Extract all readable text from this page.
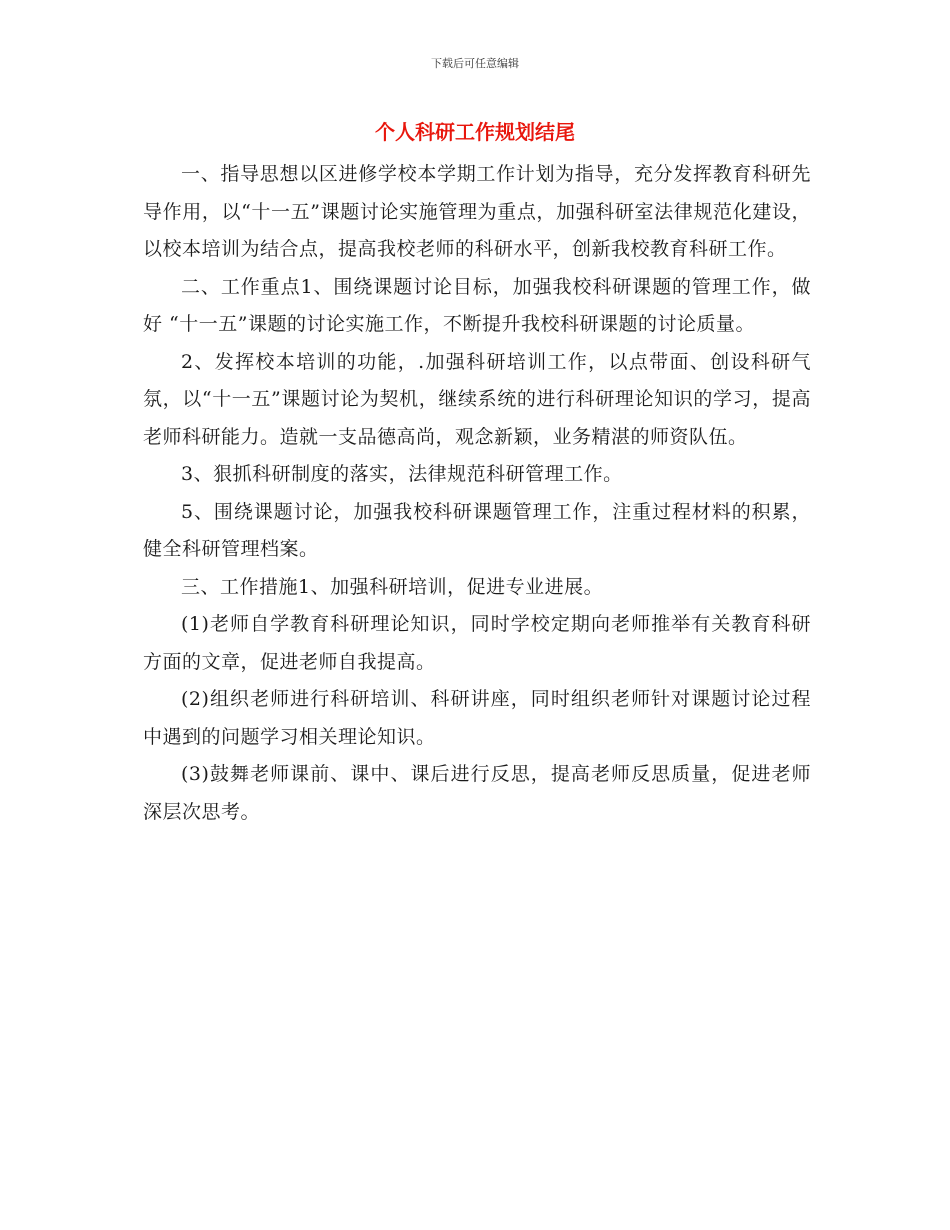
下载后可任意编辑
个人科研工作规划结尾

一、指导思想以区进修学校本学期工作计划为指导，充分发挥教育科研先导作用，以“十一五”课题讨论实施管理为重点，加强科研室法律规范化建设，以校本培训为结合点，提高我校老师的科研水平，创新我校教育科研工作。

二、工作重点1、围绕课题讨论目标，加强我校科研课题的管理工作，做好 “十一五”课题的讨论实施工作，不断提升我校科研课题的讨论质量。

2、发挥校本培训的功能，.加强科研培训工作，以点带面、创设科研气氛，以“十一五”课题讨论为契机，继续系统的进行科研理论知识的学习，提高老师科研能力。造就一支品德高尚，观念新颖，业务精湛的师资队伍。

3、狠抓科研制度的落实，法律规范科研管理工作。

5、围绕课题讨论，加强我校科研课题管理工作，注重过程材料的积累，健全科研管理档案。

三、工作措施1、加强科研培训，促进专业进展。

(1)老师自学教育科研理论知识，同时学校定期向老师推举有关教育科研方面的文章，促进老师自我提高。

(2)组织老师进行科研培训、科研讲座，同时组织老师针对课题讨论过程中遇到的问题学习相关理论知识。

(3)鼓舞老师课前、课中、课后进行反思，提高老师反思质量，促进老师深层次思考。
